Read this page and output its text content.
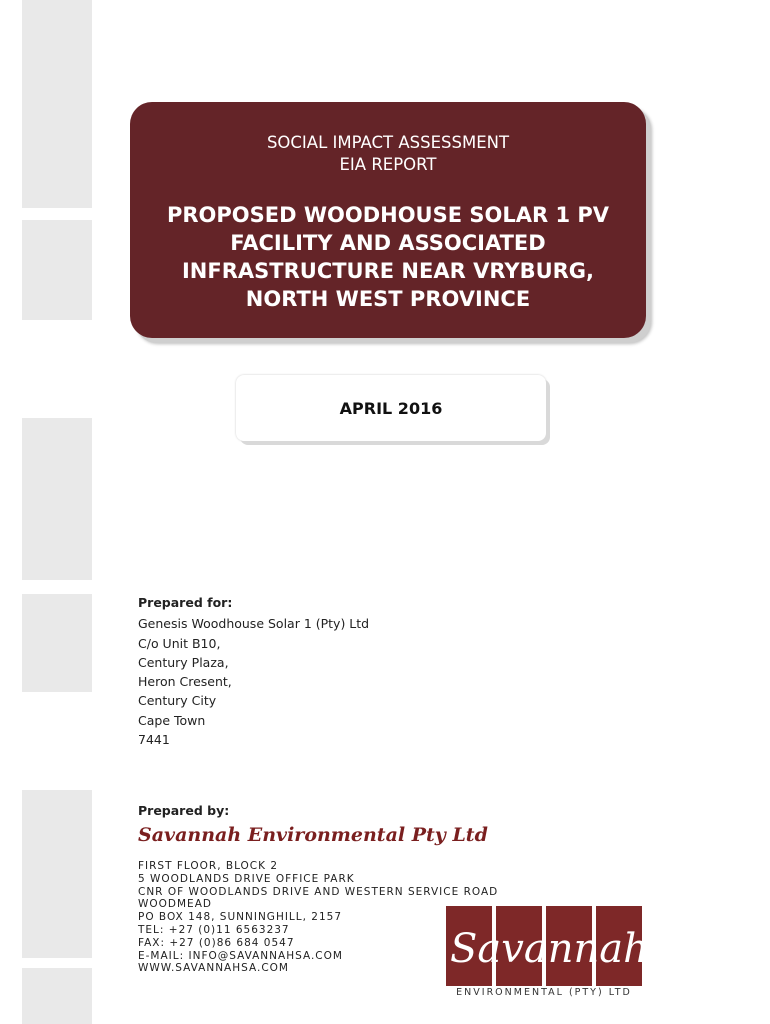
SOCIAL IMPACT ASSESSMENT
EIA REPORT
PROPOSED WOODHOUSE SOLAR 1 PV FACILITY AND ASSOCIATED INFRASTRUCTURE NEAR VRYBURG, NORTH WEST PROVINCE
APRIL 2016
Prepared for:
Genesis Woodhouse Solar 1 (Pty) Ltd
C/o Unit B10,
Century Plaza,
Heron Cresent,
Century City
Cape Town
7441
Prepared by:
Savannah Environmental Pty Ltd
FIRST FLOOR, BLOCK 2
5 WOODLANDS DRIVE OFFICE PARK
CNR OF WOODLANDS DRIVE AND WESTERN SERVICE ROAD
WOODMEAD
PO BOX 148, SUNNINGHILL, 2157
TEL: +27 (0)11 6563237
FAX: +27 (0)86 684 0547
E-MAIL: INFO@SAVANNAHSA.COM
WWW.SAVANNAHSA.COM	Savannah
ENVIRONMENTAL (PTY) LTD
